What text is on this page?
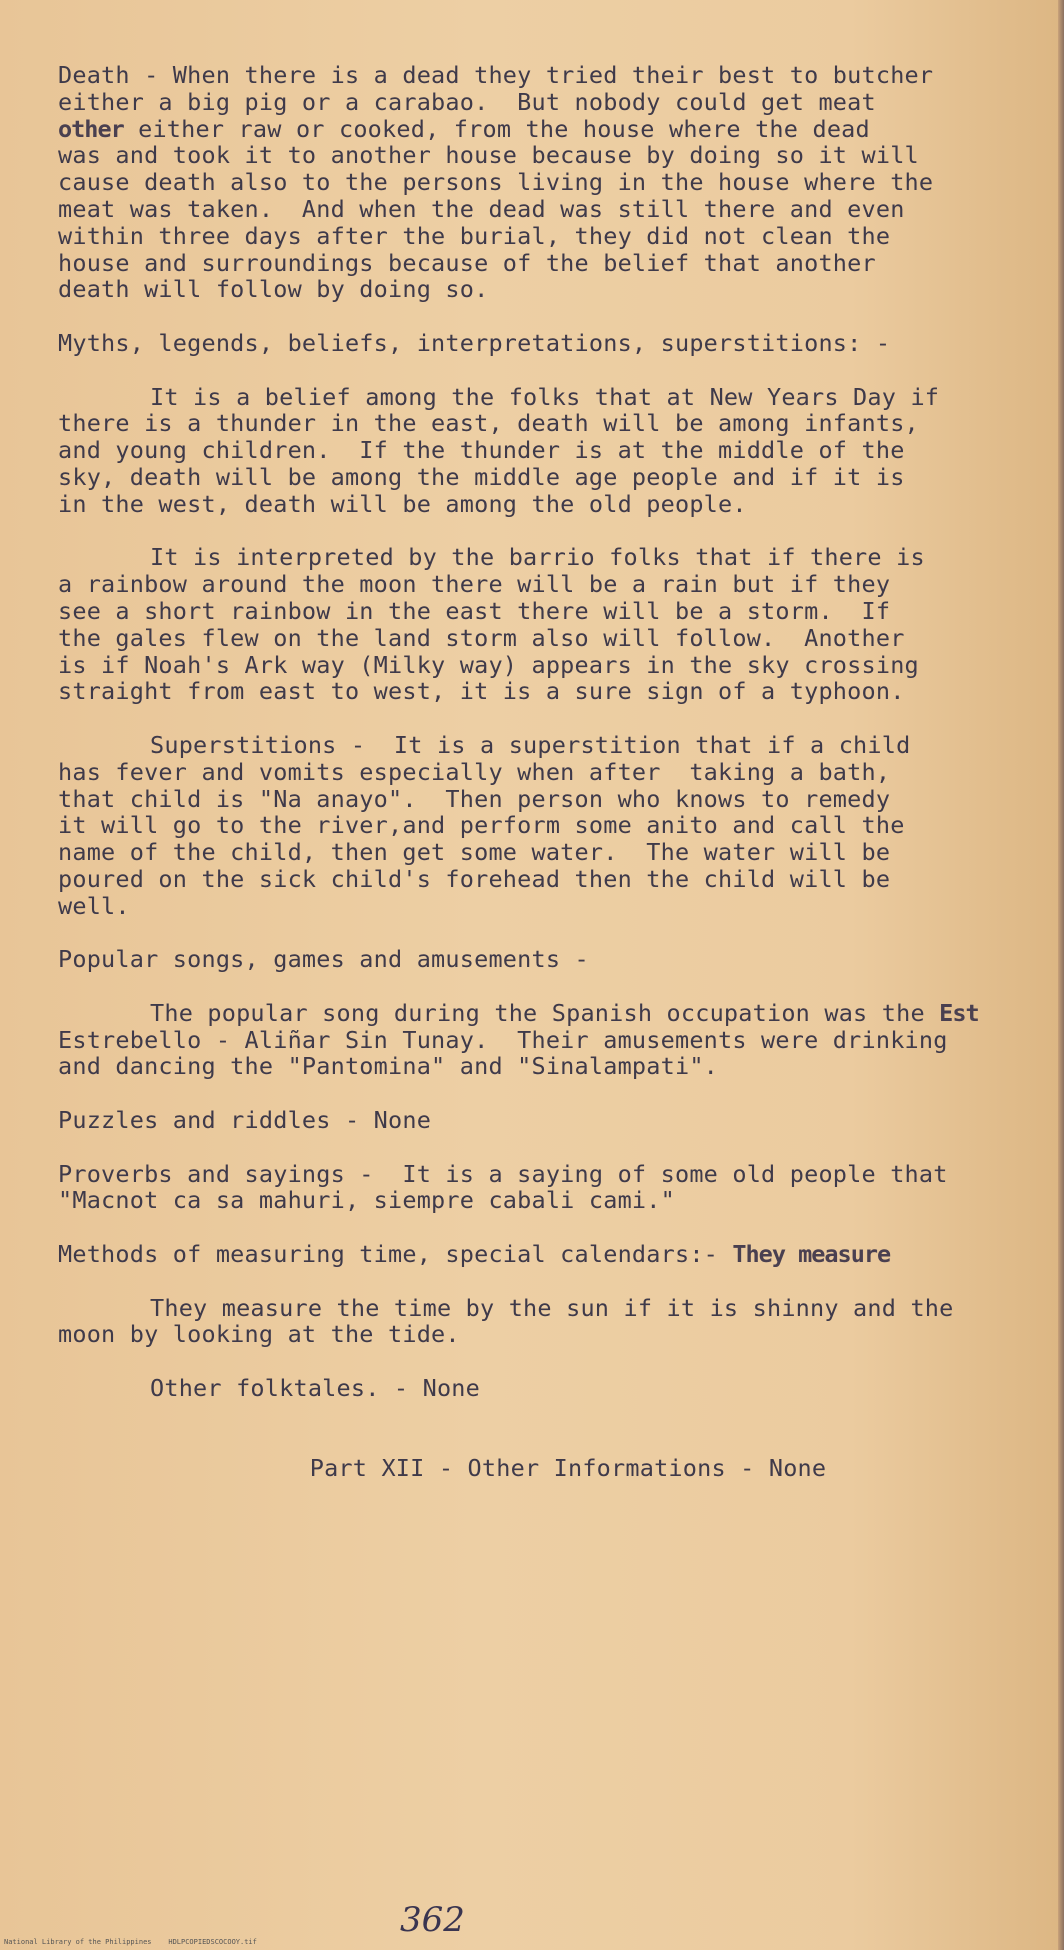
Death - When there is a dead they tried their best to butcher

either a big pig or a carabao.  But nobody could get meat

other either raw or cooked, from the house where the dead

was and took it to another house because by doing so it will

cause death also to the persons living in the house where the

meat was taken.  And when the dead was still there and even

within three days after the burial, they did not clean the

house and surroundings because of the belief that another

death will follow by doing so.

Myths, legends, beliefs, interpretations, superstitions: -

It is a belief among the folks that at New Years Day if

there is a thunder in the east, death will be among infants,

and young children.  If the thunder is at the middle of the

sky, death will be among the middle age people and if it is

in the west, death will be among the old people.

It is interpreted by the barrio folks that if there is

a rainbow around the moon there will be a rain but if they

see a short rainbow in the east there will be a storm.  If

the gales flew on the land storm also will follow.  Another

is if Noah's Ark way (Milky way) appears in the sky crossing

straight from east to west, it is a sure sign of a typhoon.

Superstitions -  It is a superstition that if a child

has fever and vomits especially when after  taking a bath,

that child is "Na anayo".  Then person who knows to remedy

it will go to the river,and perform some anito and call the

name of the child, then get some water.  The water will be

poured on the sick child's forehead then the child will be

well.

Popular songs, games and amusements -

The popular song during the Spanish occupation was the Est

Estrebello - Aliñar Sin Tunay.  Their amusements were drinking

and dancing the "Pantomina" and "Sinalampati".

Puzzles and riddles - None

Proverbs and sayings -  It is a saying of some old people that

"Macnot ca sa mahuri, siempre cabali cami."

Methods of measuring time, special calendars:- They measure

They measure the time by the sun if it is shinny and the

moon by looking at the tide.

Other folktales. - None

Part XII - Other Informations - None

362
National Library of the Philippines    HDLPCOPIEDSCOCOOY.tif
